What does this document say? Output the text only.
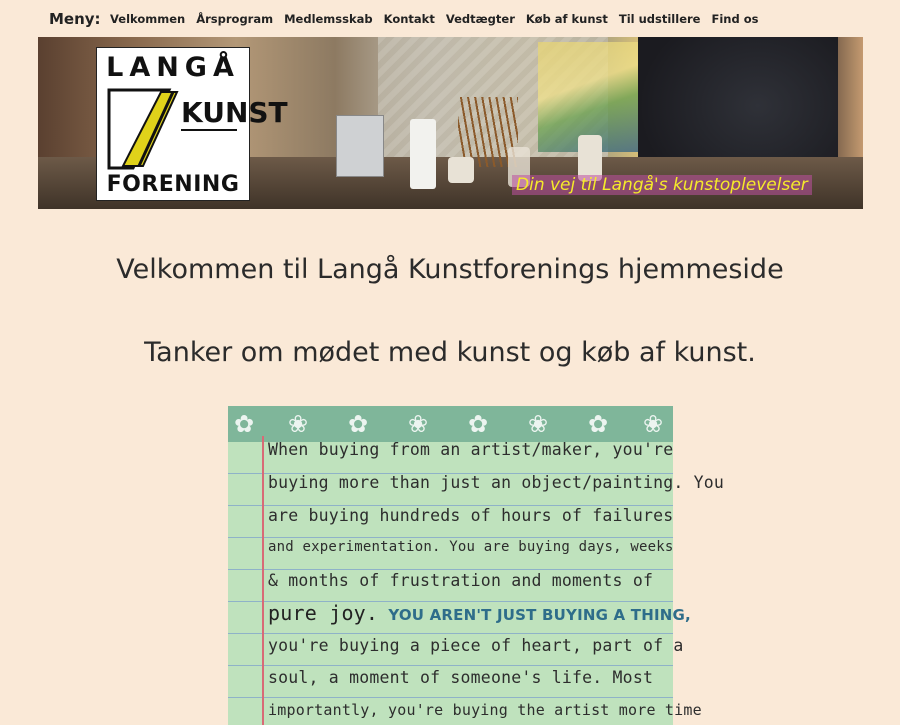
Meny: Velkommen Årsprogram Medlemsskab Kontakt Vedtægter Køb af kunst Til udstillere Find os
LANGÅ
KUNST
FORENING	Din vej til Langå's kunstoplevelser
Velkommen til Langå Kunstforenings hjemmeside
Tanker om mødet med kunst og køb af kunst.
✿ ❀ ✿ ❀ ✿ ❀ ✿ ❀
When buying from an artist/maker, you're
buying more than just an object/painting. You
are buying hundreds of hours of failures
and experimentation. You are buying days, weeks
& months of frustration and moments of
pure joy. YOU AREN'T JUST BUYING A THING,
you're buying a piece of heart, part of a
soul, a moment of someone's life. Most
importantly, you're buying the artist more time
